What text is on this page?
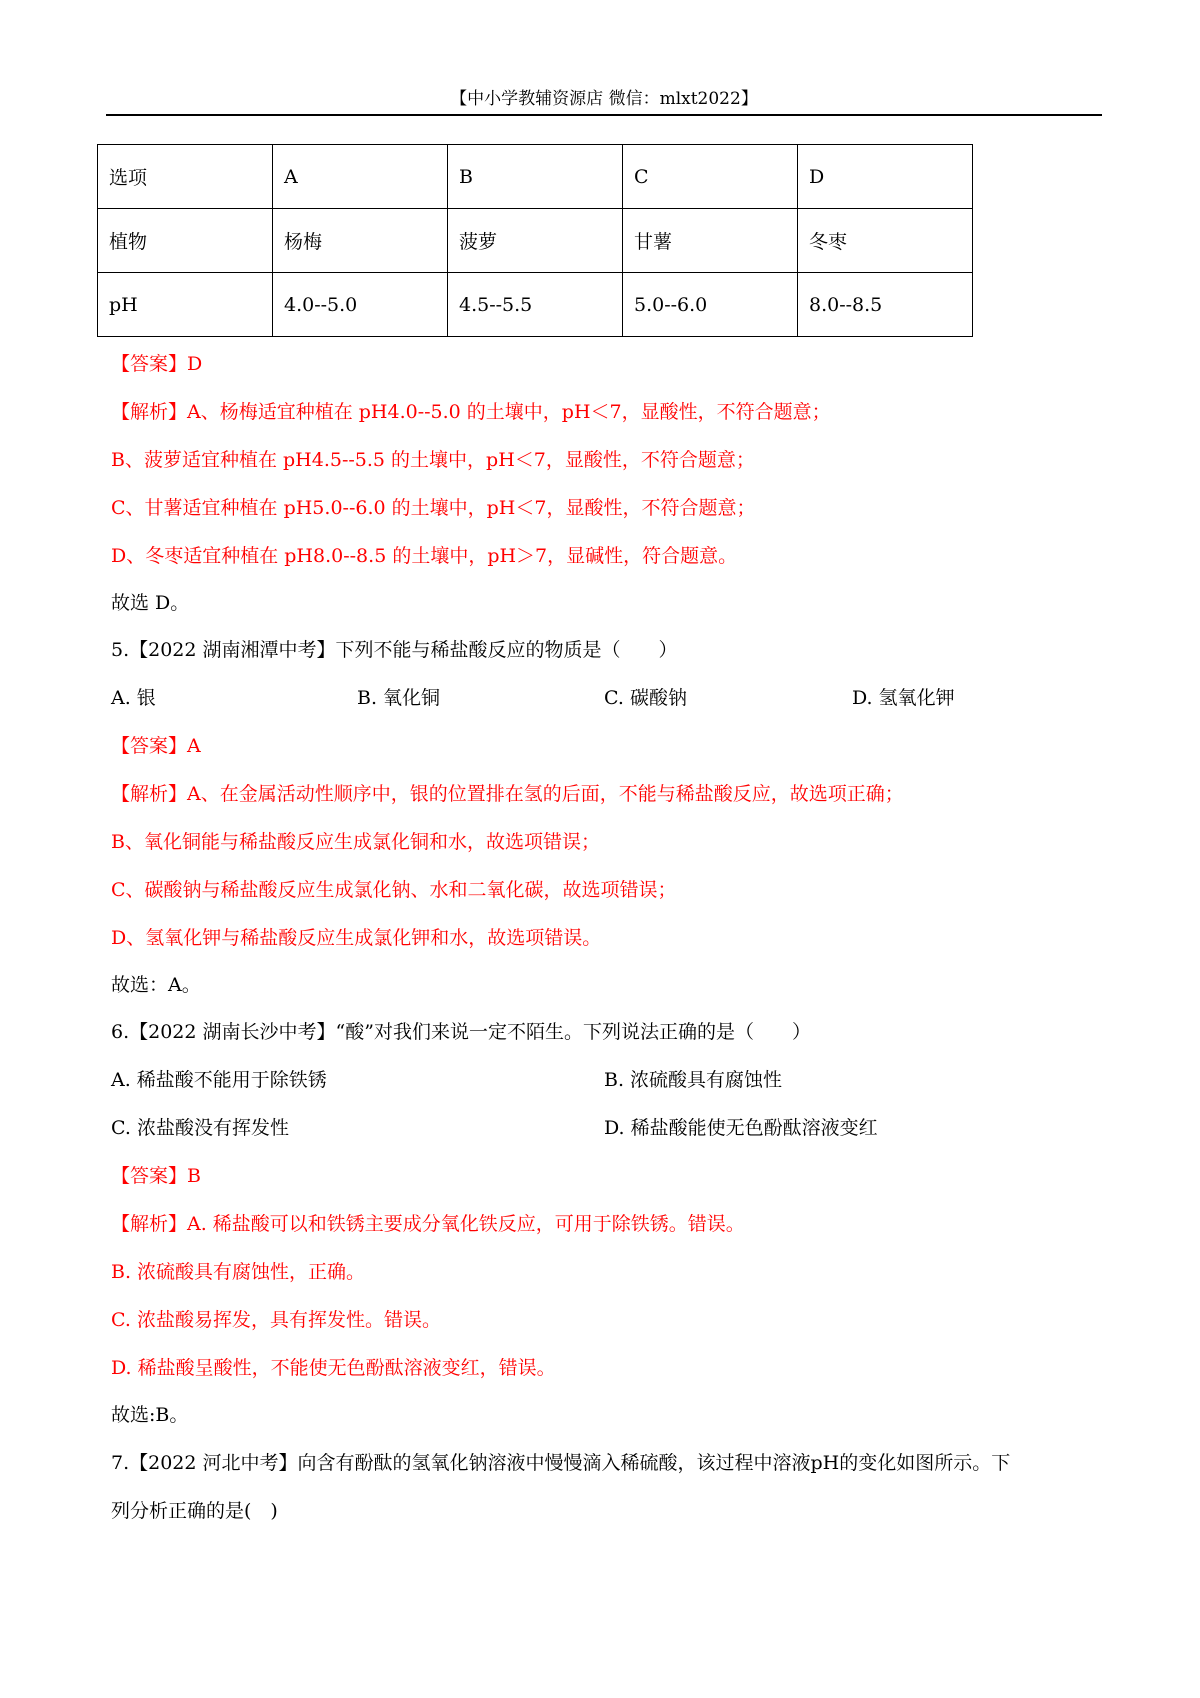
【中小学教辅资源店 微信：mlxt2022】
选项	A	B	C	D
植物	杨梅	菠萝	甘薯	冬枣
pH	4.0--5.0	4.5--5.5	5.0--6.0	8.0--8.5
【答案】D
【解析】A、杨梅适宜种植在 pH4.0--5.0 的土壤中，pH＜7，显酸性，不符合题意；
B、菠萝适宜种植在 pH4.5--5.5 的土壤中，pH＜7，显酸性，不符合题意；
C、甘薯适宜种植在 pH5.0--6.0 的土壤中，pH＜7，显酸性，不符合题意；
D、冬枣适宜种植在 pH8.0--8.5 的土壤中，pH＞7，显碱性，符合题意。
故选 D。
5.【2022 湖南湘潭中考】下列不能与稀盐酸反应的物质是（　　）
A. 银	B. 氧化铜	C. 碳酸钠	D. 氢氧化钾
【答案】A
【解析】A、在金属活动性顺序中，银的位置排在氢的后面，不能与稀盐酸反应，故选项正确；
B、氧化铜能与稀盐酸反应生成氯化铜和水，故选项错误；
C、碳酸钠与稀盐酸反应生成氯化钠、水和二氧化碳，故选项错误；
D、氢氧化钾与稀盐酸反应生成氯化钾和水，故选项错误。
故选：A。
6.【2022 湖南长沙中考】“酸”对我们来说一定不陌生。下列说法正确的是（　　）
A. 稀盐酸不能用于除铁锈	B. 浓硫酸具有腐蚀性
C. 浓盐酸没有挥发性	D. 稀盐酸能使无色酚酞溶液变红
【答案】B
【解析】A. 稀盐酸可以和铁锈主要成分氧化铁反应，可用于除铁锈。错误。
B. 浓硫酸具有腐蚀性，正确。
C. 浓盐酸易挥发，具有挥发性。错误。
D. 稀盐酸呈酸性，不能使无色酚酞溶液变红，错误。
故选:B。
7.【2022 河北中考】向含有酚酞的氢氧化钠溶液中慢慢滴入稀硫酸，该过程中溶液pH的变化如图所示。下
列分析正确的是(　)
